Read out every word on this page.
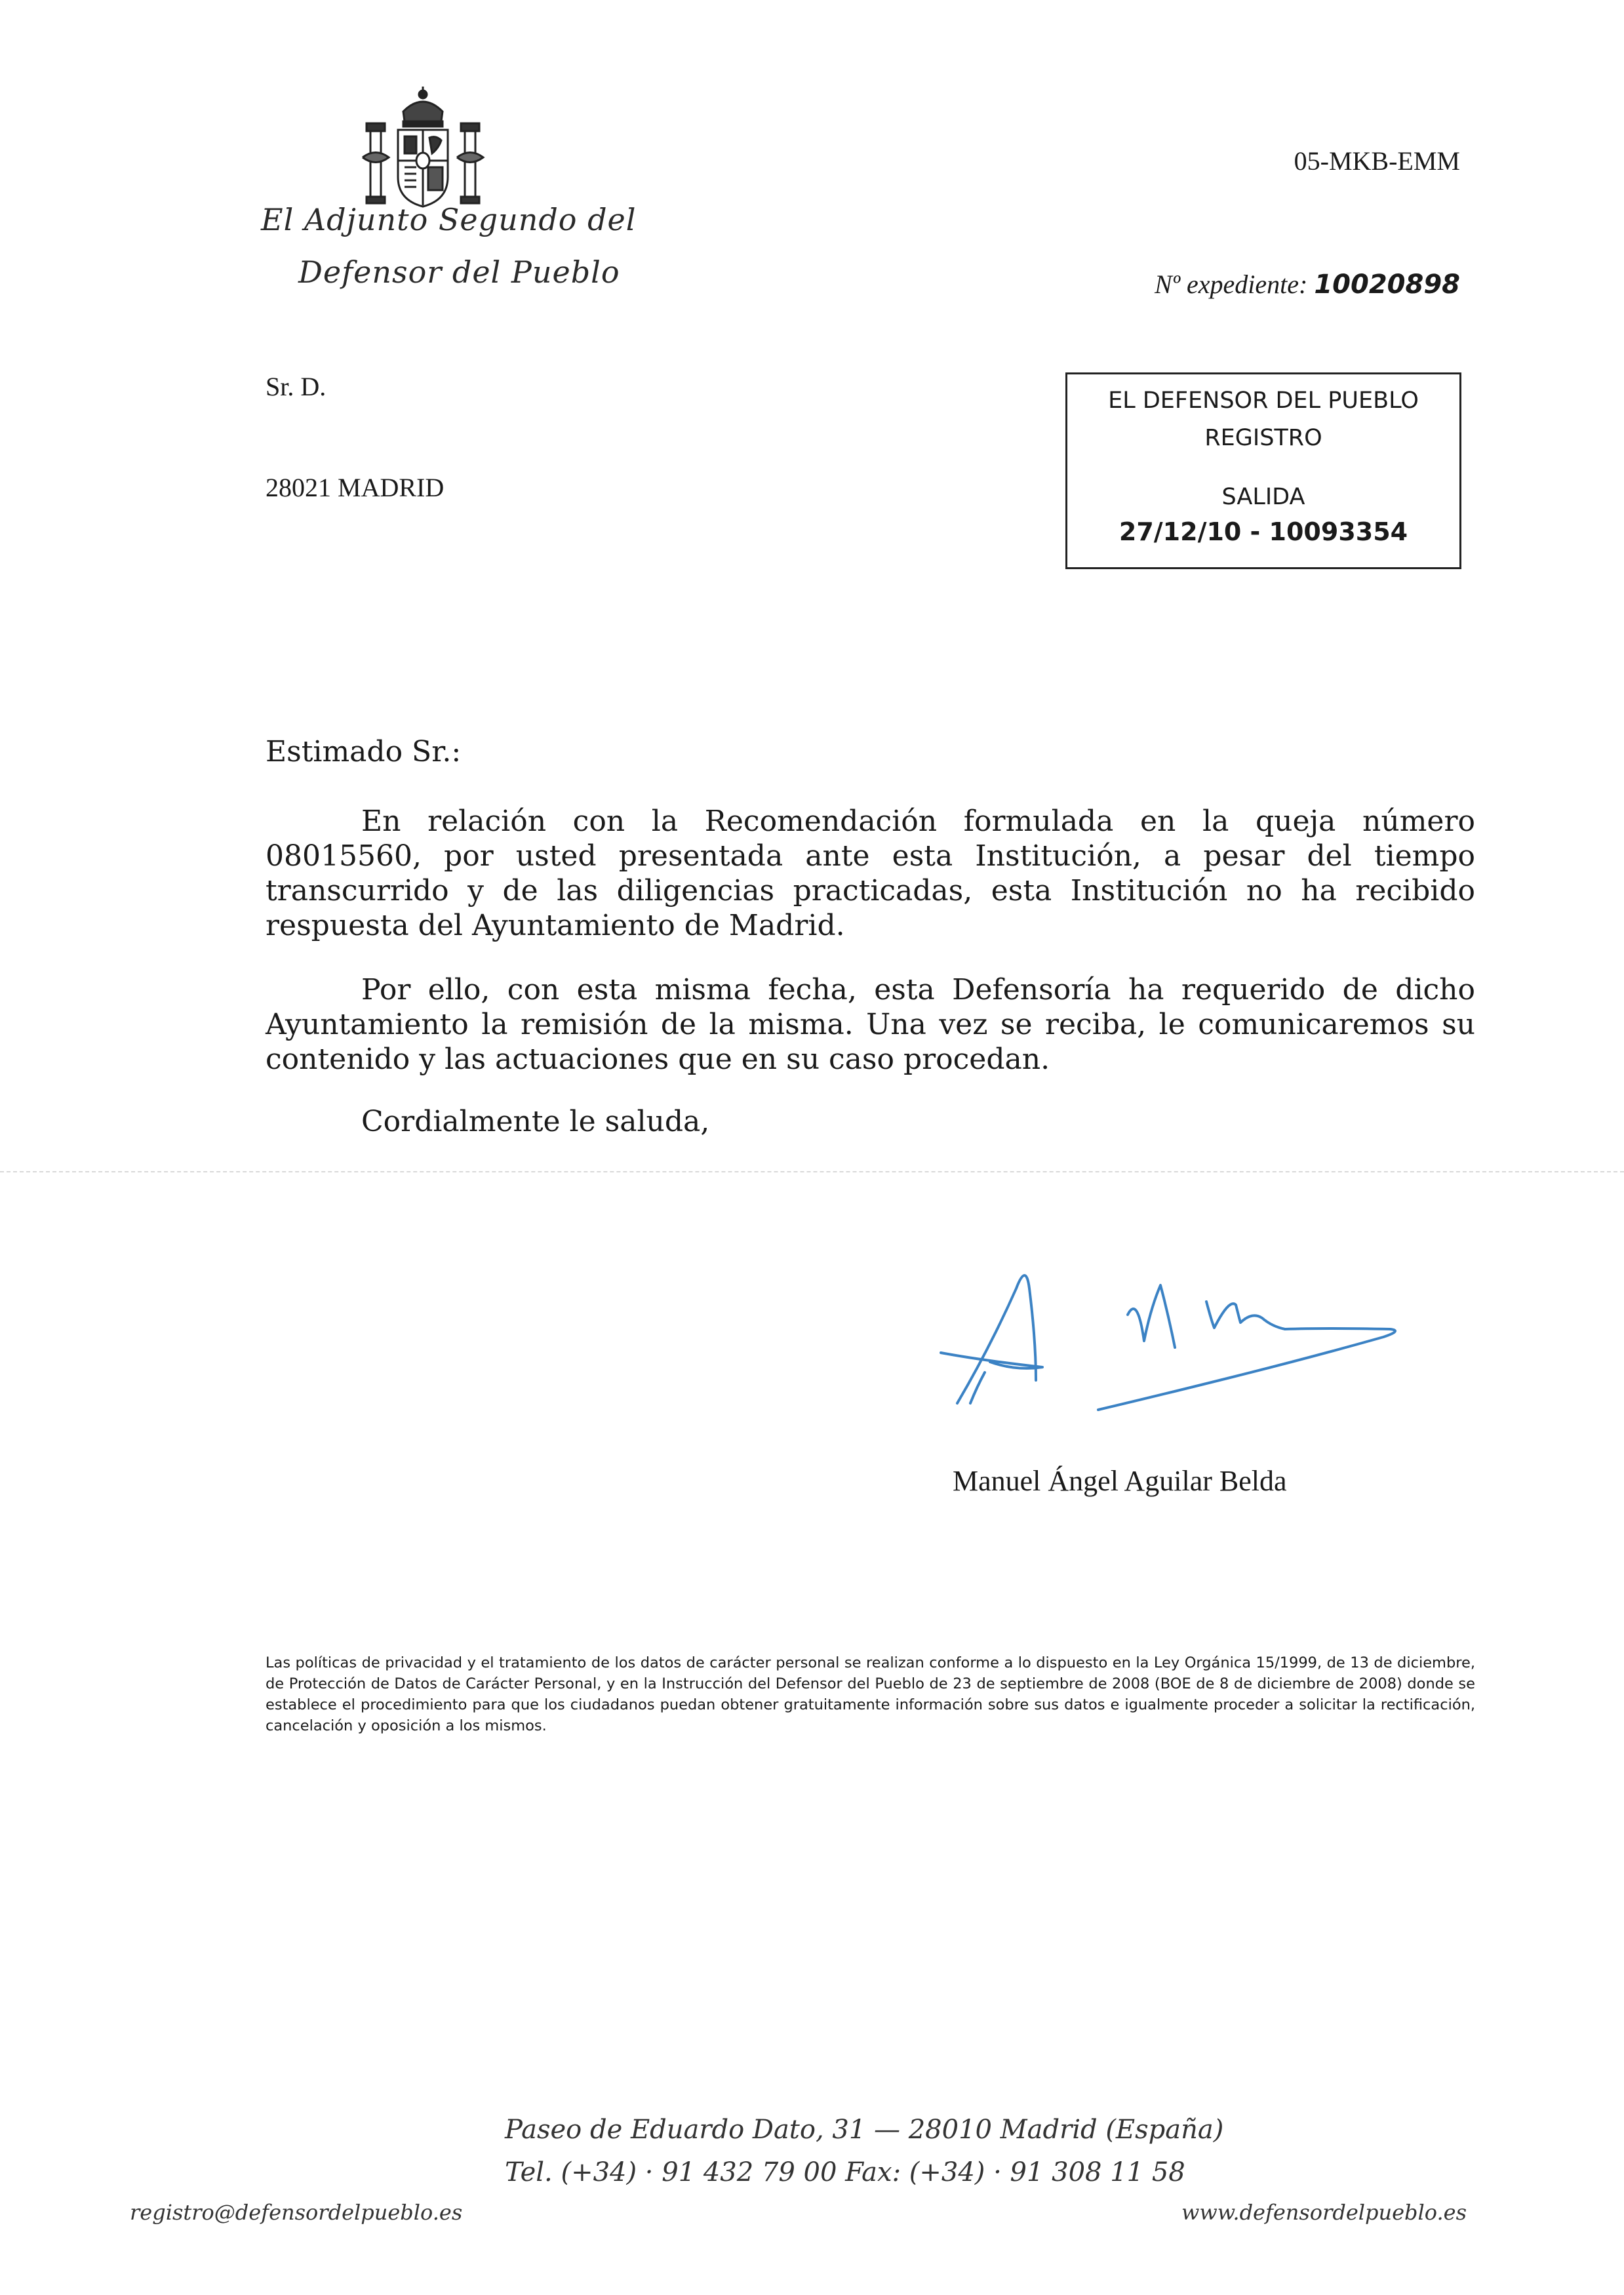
El Adjunto Segundo del
Defensor del Pueblo
05-MKB-EMM
Nº expediente: 10020898
Sr. D.
28021 MADRID
EL DEFENSOR DEL PUEBLO
REGISTRO
SALIDA
27/12/10 - 10093354
Estimado Sr.:
En relación con la Recomendación formulada en la queja número 08015560, por usted presentada ante esta Institución, a pesar del tiempo transcurrido y de las diligencias practicadas, esta Institución no ha recibido respuesta del Ayuntamiento de Madrid.
Por ello, con esta misma fecha, esta Defensoría ha requerido de dicho Ayuntamiento la remisión de la misma. Una vez se reciba, le comunicaremos su contenido y las actuaciones que en su caso procedan.
Cordialmente le saluda,
Manuel Ángel Aguilar Belda
Las políticas de privacidad y el tratamiento de los datos de carácter personal se realizan conforme a lo dispuesto en la Ley Orgánica 15/1999, de 13 de diciembre, de Protección de Datos de Carácter Personal, y en la Instrucción del Defensor del Pueblo de 23 de septiembre de 2008 (BOE de 8 de diciembre de 2008) donde se establece el procedimiento para que los ciudadanos puedan obtener gratuitamente información sobre sus datos e igualmente proceder a solicitar la rectificación, cancelación y oposición a los mismos.
Paseo de Eduardo Dato, 31 — 28010 Madrid (España)
Tel. (+34) · 91 432 79 00 Fax: (+34) · 91 308 11 58
registro@defensordelpueblo.es	www.defensordelpueblo.es
